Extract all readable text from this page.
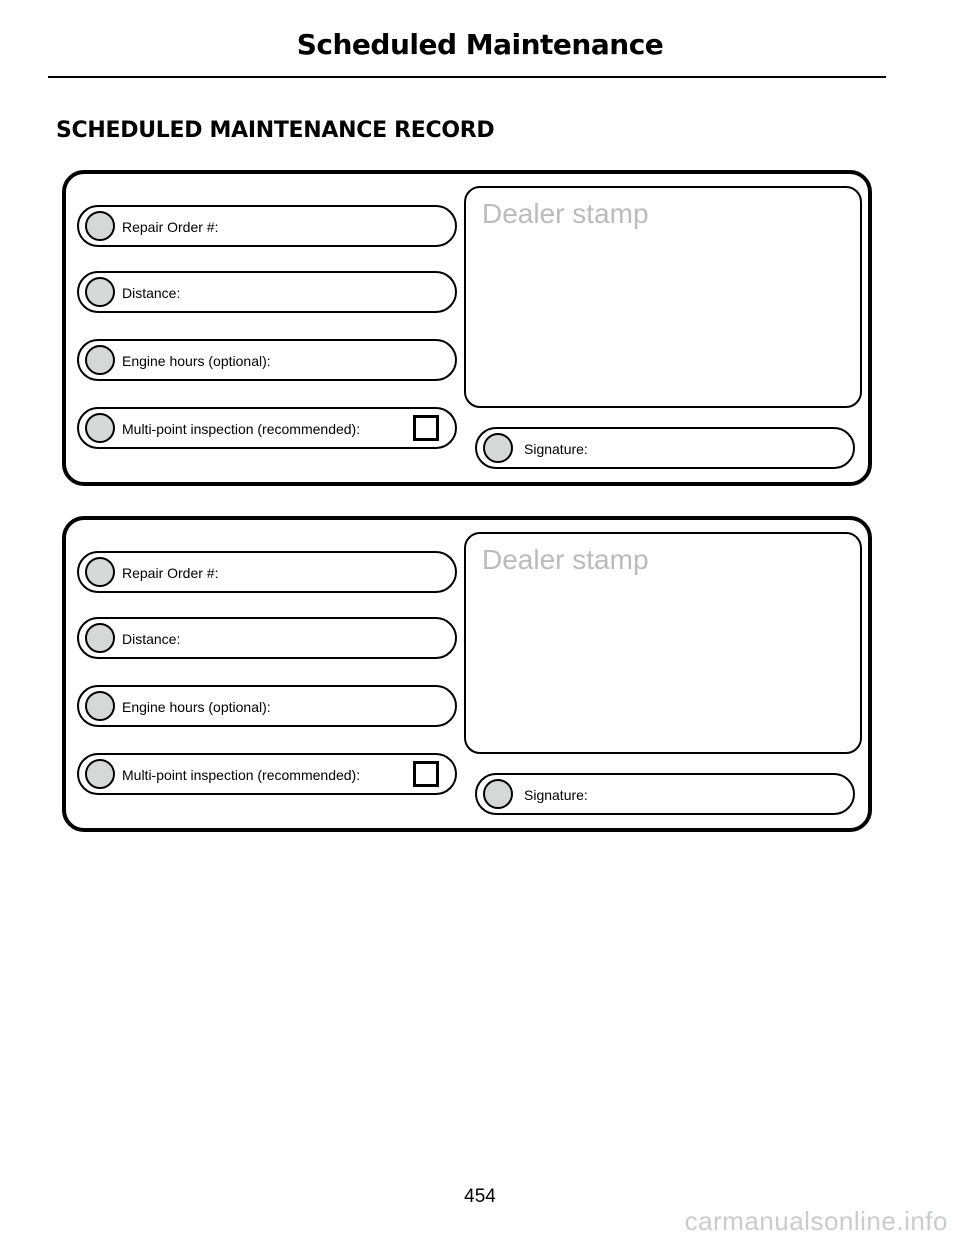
Scheduled Maintenance
SCHEDULED MAINTENANCE RECORD
Repair Order #:
Distance:
Engine hours (optional):
Multi-point inspection (recommended):
Dealer stamp
Signature:
Repair Order #:
Distance:
Engine hours (optional):
Multi-point inspection (recommended):
Dealer stamp
Signature:
454
carmanualsonline.info
